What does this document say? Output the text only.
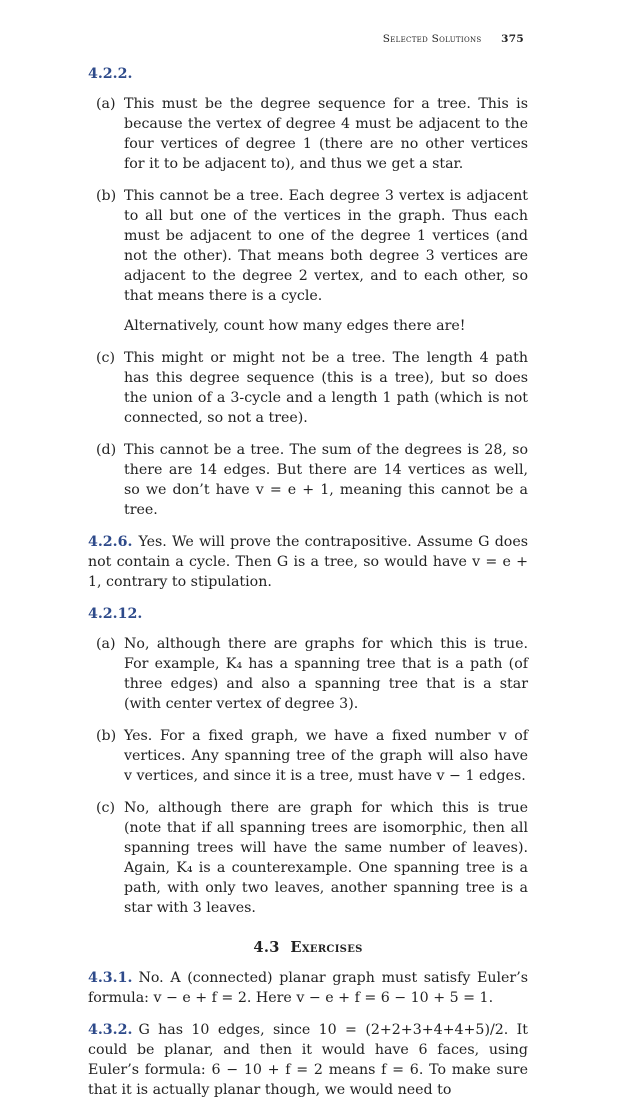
Selected Solutions 375
4.2.2.
(a) This must be the degree sequence for a tree. This is because the vertex of degree 4 must be adjacent to the four vertices of degree 1 (there are no other vertices for it to be adjacent to), and thus we get a star.

(b) This cannot be a tree. Each degree 3 vertex is adjacent to all but one of the vertices in the graph. Thus each must be adjacent to one of the degree 1 vertices (and not the other). That means both degree 3 vertices are adjacent to the degree 2 vertex, and to each other, so that means there is a cycle.

Alternatively, count how many edges there are!

(c) This might or might not be a tree. The length 4 path has this degree sequence (this is a tree), but so does the union of a 3-cycle and a length 1 path (which is not connected, so not a tree).

(d) This cannot be a tree. The sum of the degrees is 28, so there are 14 edges. But there are 14 vertices as well, so we don’t have v = e + 1, meaning this cannot be a tree.

4.2.6. Yes. We will prove the contrapositive. Assume G does not contain a cycle. Then G is a tree, so would have v = e + 1, contrary to stipulation.

4.2.12.
(a) No, although there are graphs for which this is true. For example, K₄ has a spanning tree that is a path (of three edges) and also a spanning tree that is a star (with center vertex of degree 3).

(b) Yes. For a fixed graph, we have a fixed number v of vertices. Any spanning tree of the graph will also have v vertices, and since it is a tree, must have v − 1 edges.

(c) No, although there are graph for which this is true (note that if all spanning trees are isomorphic, then all spanning trees will have the same number of leaves). Again, K₄ is a counterexample. One spanning tree is a path, with only two leaves, another spanning tree is a star with 3 leaves.

4.3 Exercises

4.3.1. No. A (connected) planar graph must satisfy Euler’s formula: v − e + f = 2. Here v − e + f = 6 − 10 + 5 = 1.

4.3.2. G has 10 edges, since 10 = (2+2+3+4+4+5)/2. It could be planar, and then it would have 6 faces, using Euler’s formula: 6 − 10 + f = 2 means f = 6. To make sure that it is actually planar though, we would need to
